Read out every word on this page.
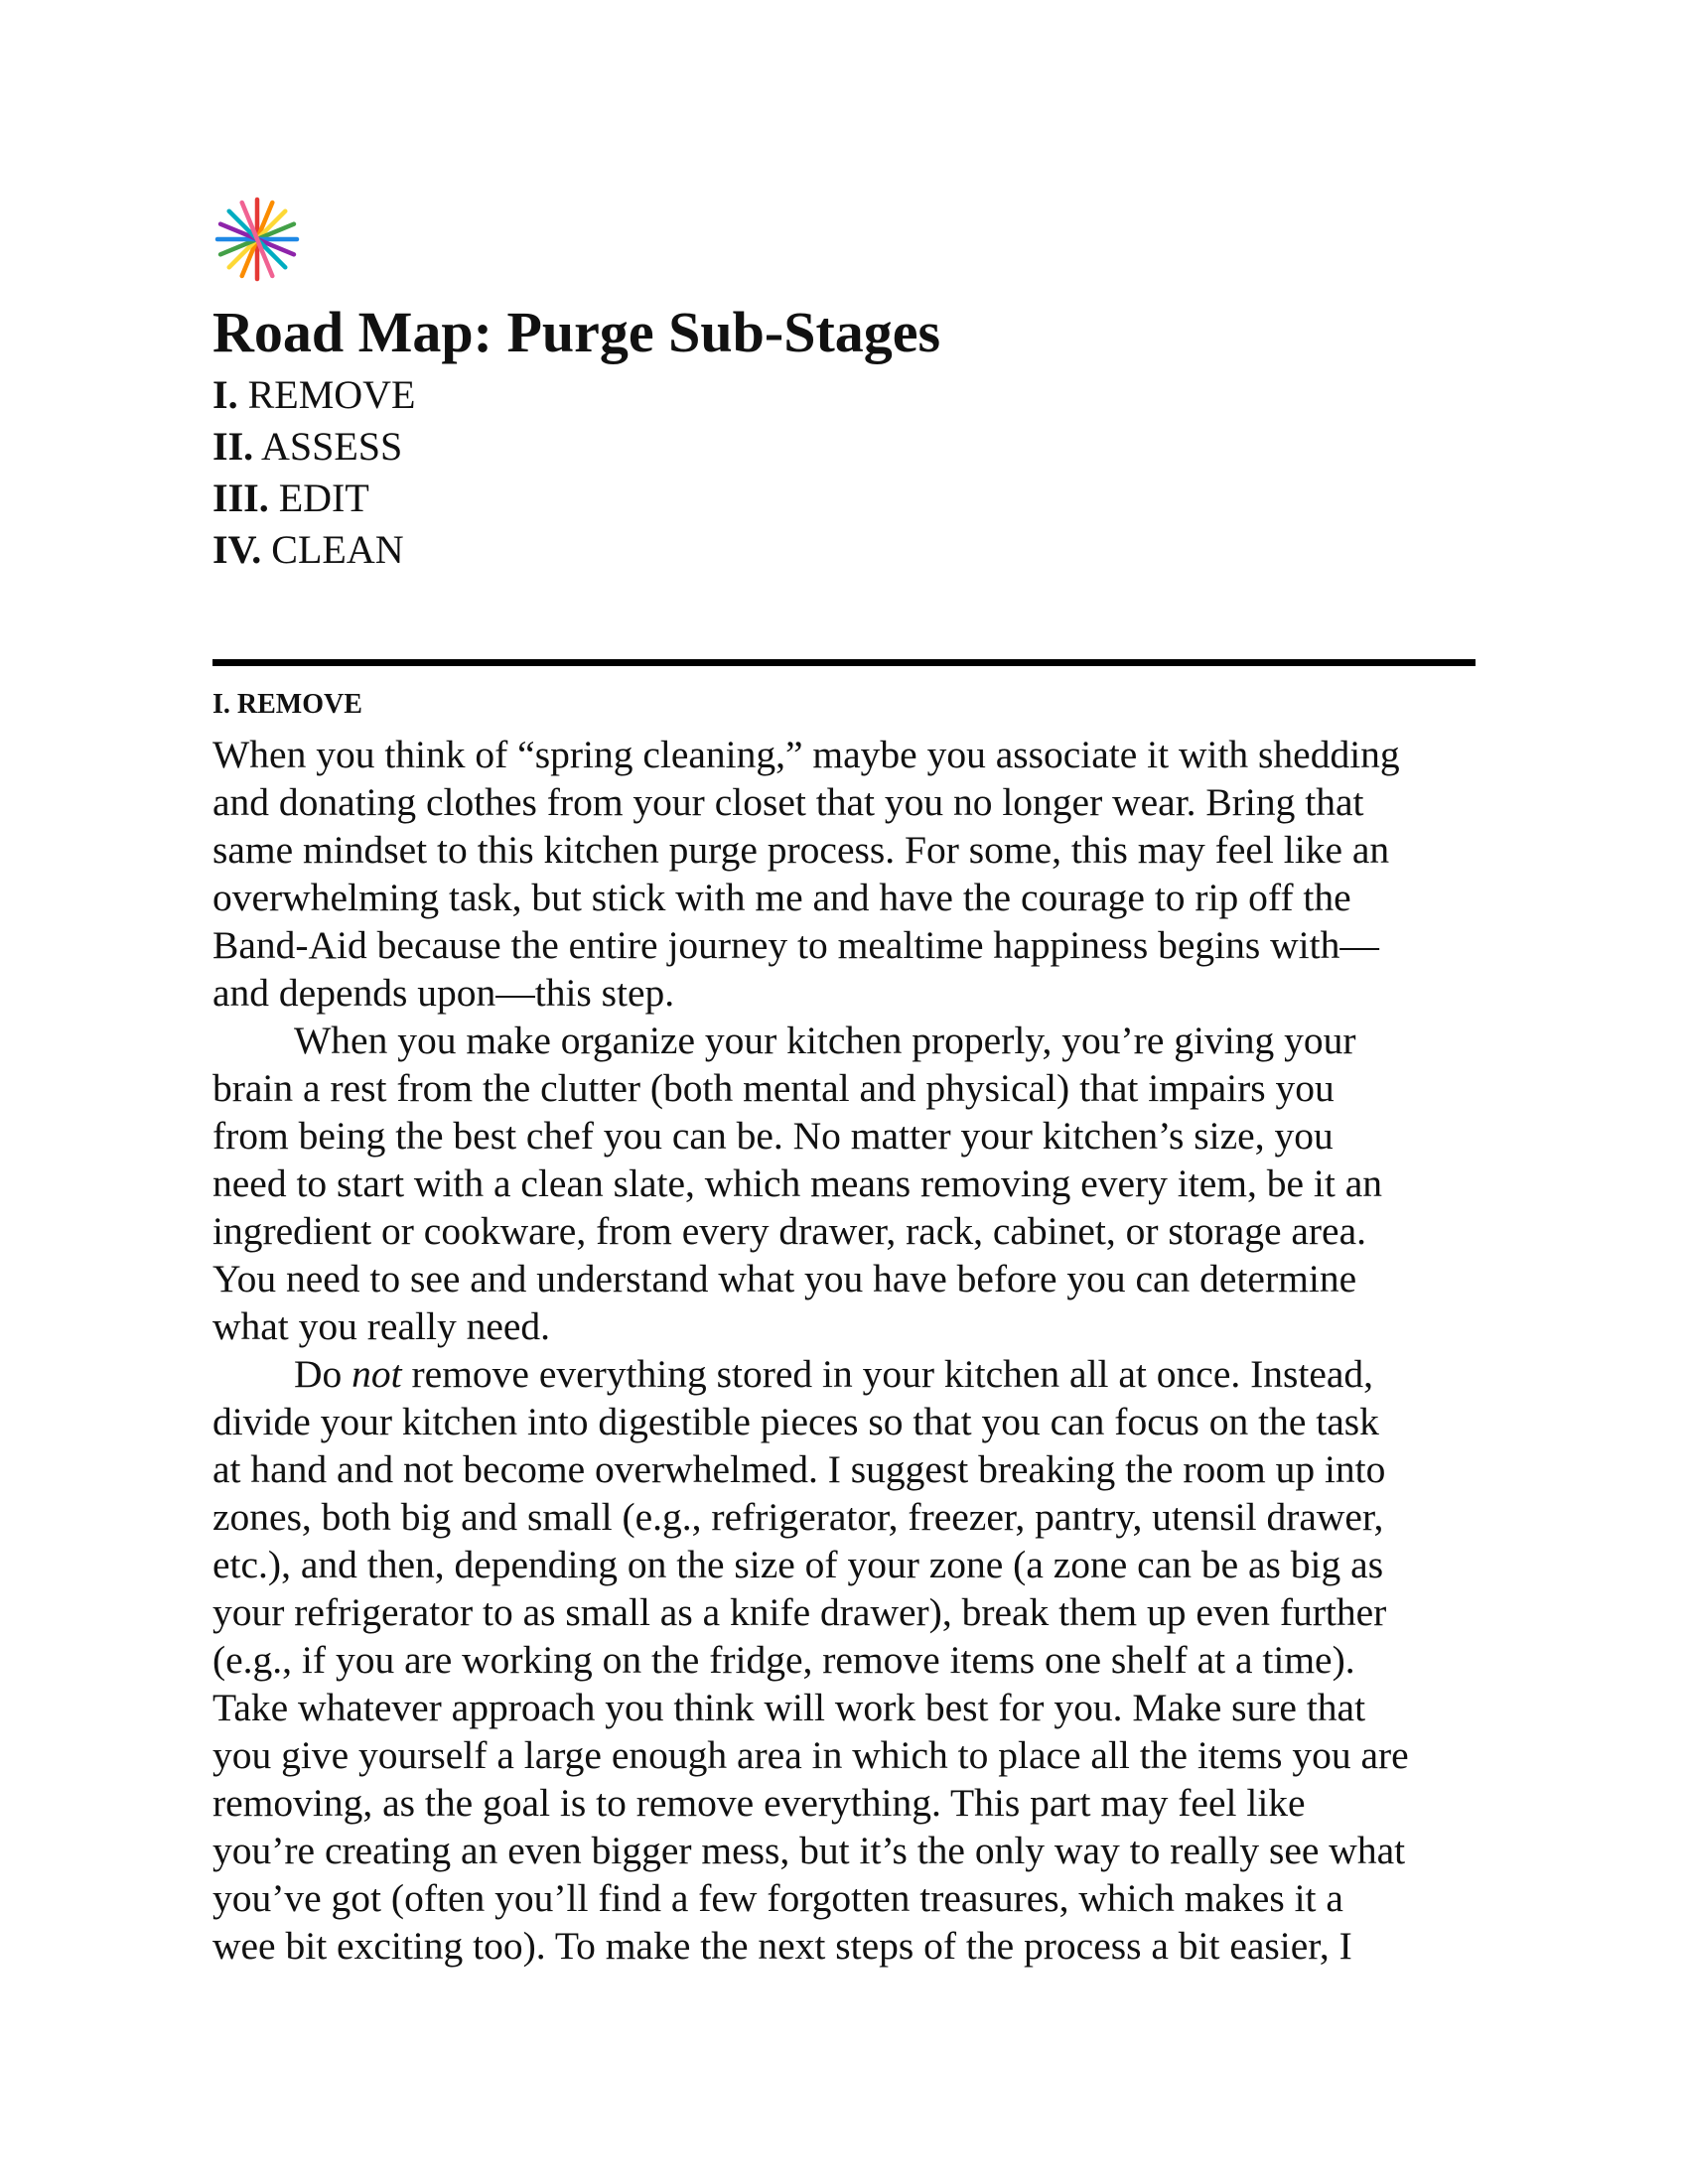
Road Map: Purge Sub-Stages
I. REMOVE
II. ASSESS
III. EDIT
IV. CLEAN
I. REMOVE
When you think of “spring cleaning,” maybe you associate it with shedding
and donating clothes from your closet that you no longer wear. Bring that
same mindset to this kitchen purge process. For some, this may feel like an
overwhelming task, but stick with me and have the courage to rip off the
Band-Aid because the entire journey to mealtime happiness begins with—
and depends upon—this step.
When you make organize your kitchen properly, you’re giving your
brain a rest from the clutter (both mental and physical) that impairs you
from being the best chef you can be. No matter your kitchen’s size, you
need to start with a clean slate, which means removing every item, be it an
ingredient or cookware, from every drawer, rack, cabinet, or storage area.
You need to see and understand what you have before you can determine
what you really need.
Do not remove everything stored in your kitchen all at once. Instead,
divide your kitchen into digestible pieces so that you can focus on the task
at hand and not become overwhelmed. I suggest breaking the room up into
zones, both big and small (e.g., refrigerator, freezer, pantry, utensil drawer,
etc.), and then, depending on the size of your zone (a zone can be as big as
your refrigerator to as small as a knife drawer), break them up even further
(e.g., if you are working on the fridge, remove items one shelf at a time).
Take whatever approach you think will work best for you. Make sure that
you give yourself a large enough area in which to place all the items you are
removing, as the goal is to remove everything. This part may feel like
you’re creating an even bigger mess, but it’s the only way to really see what
you’ve got (often you’ll find a few forgotten treasures, which makes it a
wee bit exciting too). To make the next steps of the process a bit easier, I
